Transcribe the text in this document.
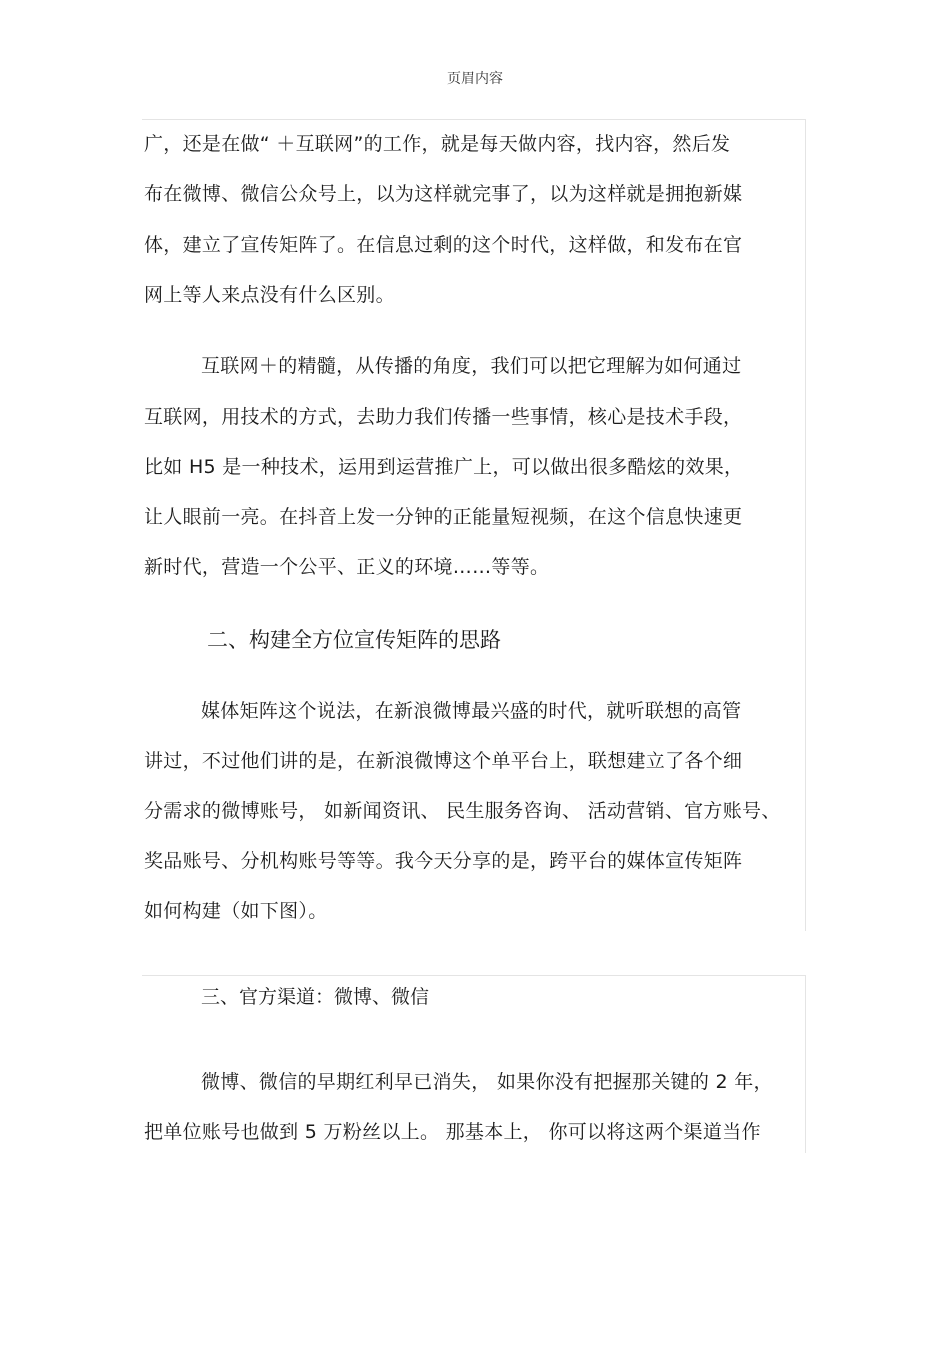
页眉内容
广，还是在做“ ＋互联网”的工作，就是每天做内容，找内容，然后发
布在微博、微信公众号上，以为这样就完事了，以为这样就是拥抱新媒
体，建立了宣传矩阵了。在信息过剩的这个时代，这样做，和发布在官
网上等人来点没有什么区别。
互联网＋的精髓，从传播的角度，我们可以把它理解为如何通过
互联网，用技术的方式，去助力我们传播一些事情，核心是技术手段，
比如 H5 是一种技术，运用到运营推广上，可以做出很多酷炫的效果，
让人眼前一亮。在抖音上发一分钟的正能量短视频，在这个信息快速更
新时代，营造一个公平、正义的环境……等等。
二、构建全方位宣传矩阵的思路
媒体矩阵这个说法，在新浪微博最兴盛的时代，就听联想的高管
讲过，不过他们讲的是，在新浪微博这个单平台上，联想建立了各个细
分需求的微博账号， 如新闻资讯、 民生服务咨询、 活动营销、官方账号、
奖品账号、分机构账号等等。我今天分享的是，跨平台的媒体宣传矩阵
如何构建（如下图）。
三、官方渠道：微博、微信
微博、微信的早期红利早已消失， 如果你没有把握那关键的 2 年，
把单位账号也做到 5 万粉丝以上。 那基本上， 你可以将这两个渠道当作
